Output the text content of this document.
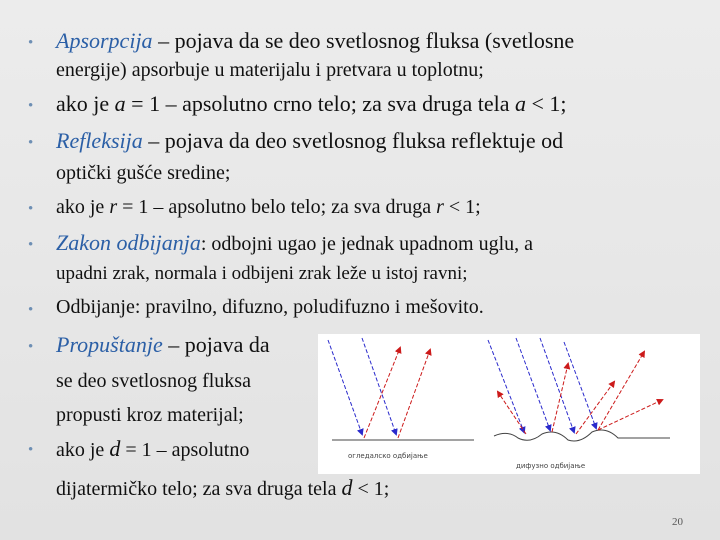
• Apsorpcija – pojava da se deo svetlosnog fluksa (svetlosne
energije) apsorbuje u materijalu i pretvara u toplotnu;
• ako je a = 1 – apsolutno crno telo; za sva druga tela a < 1;
• Refleksija – pojava da deo svetlosnog fluksa reflektuje od
optički gušće sredine;
• ako je r = 1 – apsolutno belo telo; za sva druga r < 1;
• Zakon odbijanja: odbojni ugao je jednak upadnom uglu, a
upadni zrak, normala i odbijeni zrak leže u istoj ravni;
• Odbijanje: pravilno, difuzno, poludifuzno i mešovito.
• Propuštanje – pojava da
se deo svetlosnog fluksa
propusti kroz materijal;
• ako je d = 1 – apsolutno
dijatermičko telo; za sva druga tela d < 1;
огледалско одбијање
дифузно одбијање
20
